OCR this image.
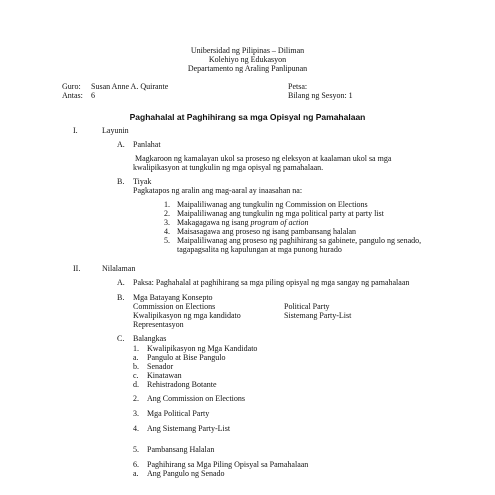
Unibersidad ng Pilipinas – Diliman
Kolehiyo ng Edukasyon
Departamento ng Araling Panlipunan
Guro: Susan Anne A. Quirante
Antas: 6
Petsa:
Bilang ng Sesyon: 1
Paghahalal at Paghihirang sa mga Opisyal ng Pamahalaan
I.	Layunin
A. Panlahat
Magkaroon ng kamalayan ukol sa proseso ng eleksyon at kaalaman ukol sa mga
kwalipikasyon at tungkulin ng mga opisyal ng pamahalaan.
B. Tiyak
Pagkatapos ng aralin ang mag-aaral ay inaasahan na:
1. Maipaliliwanag ang tungkulin ng Commission on Elections
2. Maipaliliwanag ang tungkulin ng mga political party at party list
3. Makagagawa ng isang program of action
4. Maisasagawa ang proseso ng isang pambansang halalan
5. Maipaliliwanag ang proseso ng paghihirang sa gabinete, pangulo ng senado,
tagapagsalita ng kapulungan at mga punong hurado
II.	Nilalaman
A. Paksa: Paghahalal at paghihirang sa mga piling opisyal ng mga sangay ng pamahalaan
B. Mga Batayang Konsepto
Commission on Elections
Kwalipikasyon ng mga kandidato
Representasyon
Political Party
Sistemang Party-List
C. Balangkas
1. Kwalipikasyon ng Mga Kandidato
a. Pangulo at Bise Pangulo
b. Senador
c. Kinatawan
d. Rehistradong Botante
2. Ang Commission on Elections
3. Mga Political Party
4. Ang Sistemang Party-List
5. Pambansang Halalan
6. Paghihirang sa Mga Piling Opisyal sa Pamahalaan
a. Ang Pangulo ng Senado
